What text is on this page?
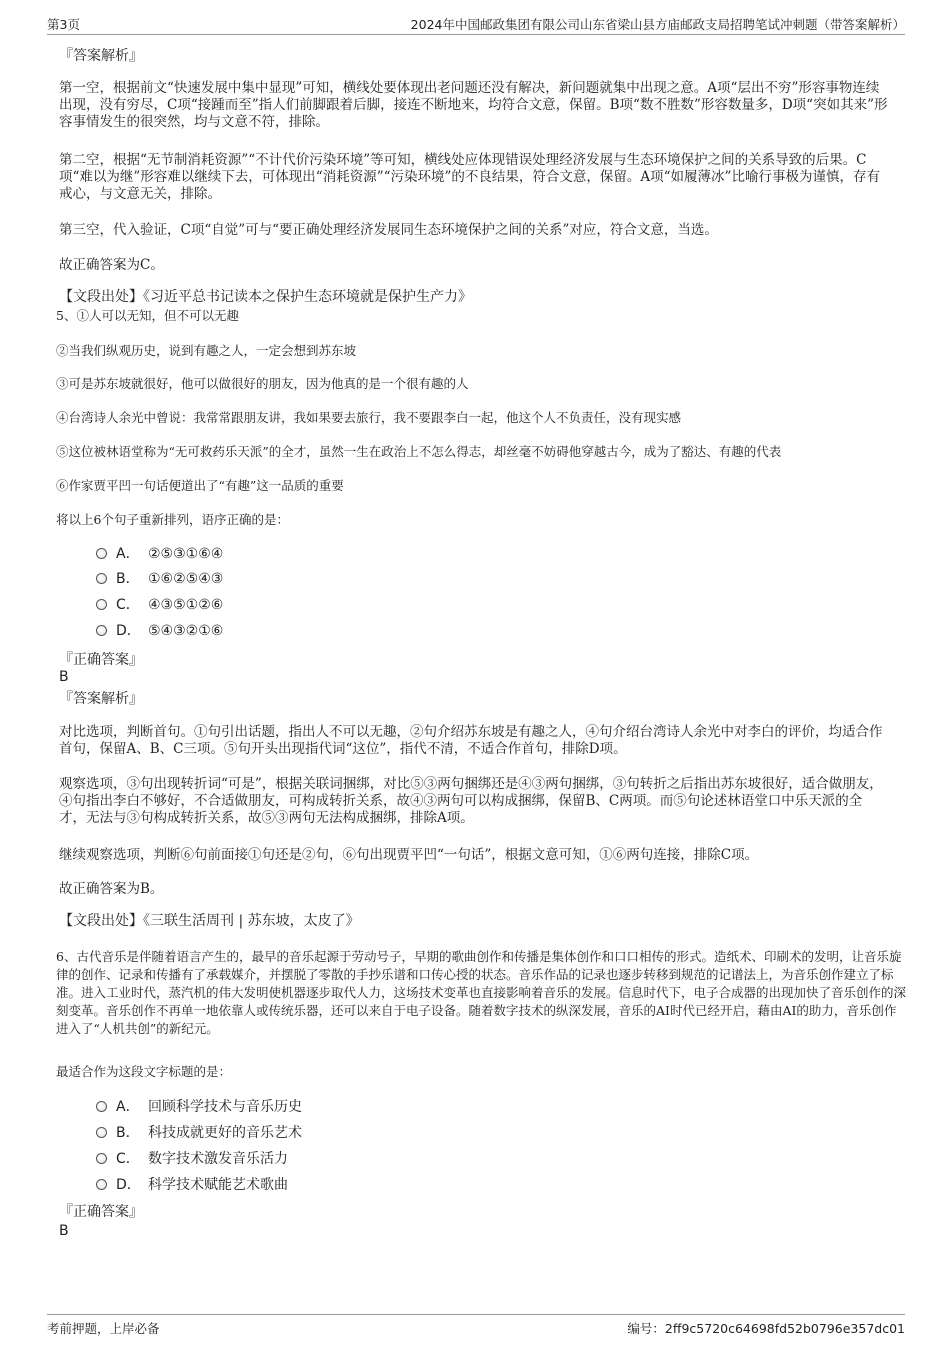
第3页	2024年中国邮政集团有限公司山东省梁山县方庙邮政支局招聘笔试冲刺题（带答案解析）
『答案解析』

第一空，根据前文“快速发展中集中显现”可知，横线处要体现出老问题还没有解决，新问题就集中出现之意。A项“层出不穷”形容事物连续出现，没有穷尽，C项“接踵而至”指人们前脚跟着后脚，接连不断地来，均符合文意，保留。B项“数不胜数”形容数量多，D项“突如其来”形容事情发生的很突然，均与文意不符，排除。

第二空，根据“无节制消耗资源”“不计代价污染环境”等可知，横线处应体现错误处理经济发展与生态环境保护之间的关系导致的后果。C项“难以为继”形容难以继续下去，可体现出“消耗资源”“污染环境”的不良结果，符合文意，保留。A项“如履薄冰”比喻行事极为谨慎，存有戒心，与文意无关，排除。

第三空，代入验证，C项“自觉”可与“要正确处理经济发展同生态环境保护之间的关系”对应，符合文意，当选。

故正确答案为C。

【文段出处】《习近平总书记读本之保护生态环境就是保护生产力》

5、①人可以无知，但不可以无趣

②当我们纵观历史，说到有趣之人，一定会想到苏东坡

③可是苏东坡就很好，他可以做很好的朋友，因为他真的是一个很有趣的人

④台湾诗人余光中曾说：我常常跟朋友讲，我如果要去旅行，我不要跟李白一起，他这个人不负责任，没有现实感

⑤这位被林语堂称为“无可救药乐天派”的全才，虽然一生在政治上不怎么得志，却丝毫不妨碍他穿越古今，成为了豁达、有趣的代表

⑥作家贾平凹一句话便道出了“有趣”这一品质的重要

将以上6个句子重新排列，语序正确的是：

A． ②⑤③①⑥④
B． ①⑥②⑤④③
C． ④③⑤①②⑥
D． ⑤④③②①⑥
『正确答案』
B
『答案解析』

对比选项，判断首句。①句引出话题，指出人不可以无趣，②句介绍苏东坡是有趣之人，④句介绍台湾诗人余光中对李白的评价，均适合作首句，保留A、B、C三项。⑤句开头出现指代词“这位”，指代不清，不适合作首句，排除D项。

观察选项，③句出现转折词“可是”，根据关联词捆绑，对比⑤③两句捆绑还是④③两句捆绑，③句转折之后指出苏东坡很好，适合做朋友，④句指出李白不够好，不合适做朋友，可构成转折关系，故④③两句可以构成捆绑，保留B、C两项。而⑤句论述林语堂口中乐天派的全才，无法与③句构成转折关系，故⑤③两句无法构成捆绑，排除A项。

继续观察选项，判断⑥句前面接①句还是②句，⑥句出现贾平凹“一句话”，根据文意可知，①⑥两句连接，排除C项。

故正确答案为B。

【文段出处】《三联生活周刊 | 苏东坡，太皮了》

6、古代音乐是伴随着语言产生的，最早的音乐起源于劳动号子，早期的歌曲创作和传播是集体创作和口口相传的形式。造纸术、印刷术的发明，让音乐旋律的创作、记录和传播有了承载媒介，并摆脱了零散的手抄乐谱和口传心授的状态。音乐作品的记录也逐步转移到规范的记谱法上，为音乐创作建立了标准。进入工业时代，蒸汽机的伟大发明使机器逐步取代人力，这场技术变革也直接影响着音乐的发展。信息时代下，电子合成器的出现加快了音乐创作的深刻变革。音乐创作不再单一地依靠人或传统乐器，还可以来自于电子设备。随着数字技术的纵深发展，音乐的AI时代已经开启，藉由AI的助力，音乐创作进入了“人机共创”的新纪元。

最适合作为这段文字标题的是：

A． 回顾科学技术与音乐历史
B． 科技成就更好的音乐艺术
C． 数字技术激发音乐活力
D． 科学技术赋能艺术歌曲
『正确答案』
B
考前押题，上岸必备	编号：2ff9c5720c64698fd52b0796e357dc01
